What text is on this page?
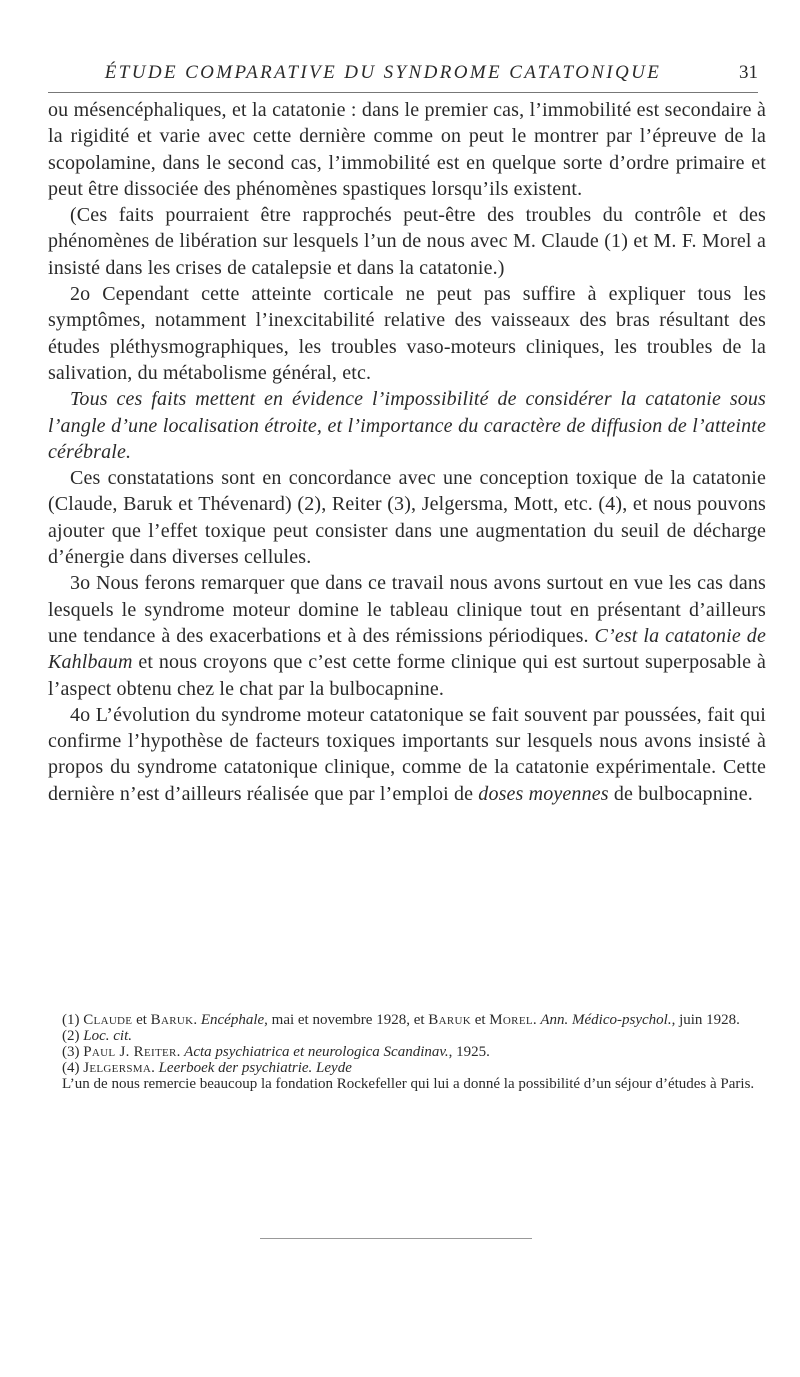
ÉTUDE COMPARATIVE DU SYNDROME CATATONIQUE	31

ou mésencéphaliques, et la catatonie : dans le premier cas, l’immobilité est secondaire à la rigidité et varie avec cette dernière comme on peut le montrer par l’épreuve de la scopolamine, dans le second cas, l’immobilité est en quelque sorte d’ordre primaire et peut être dissociée des phénomènes spastiques lorsqu’ils existent.

(Ces faits pourraient être rapprochés peut-être des troubles du contrôle et des phénomènes de libération sur lesquels l’un de nous avec M. Claude (1) et M. F. Morel a insisté dans les crises de catalepsie et dans la catatonie.)

2o Cependant cette atteinte corticale ne peut pas suffire à expliquer tous les symptômes, notamment l’inexcitabilité relative des vaisseaux des bras résultant des études pléthysmographiques, les troubles vaso-moteurs cliniques, les troubles de la salivation, du métabolisme général, etc.

Tous ces faits mettent en évidence l’impossibilité de considérer la catatonie sous l’angle d’une localisation étroite, et l’importance du caractère de diffusion de l’atteinte cérébrale.

Ces constatations sont en concordance avec une conception toxique de la catatonie (Claude, Baruk et Thévenard) (2), Reiter (3), Jelgersma, Mott, etc. (4), et nous pouvons ajouter que l’effet toxique peut consister dans une augmentation du seuil de décharge d’énergie dans diverses cellules.

3o Nous ferons remarquer que dans ce travail nous avons surtout en vue les cas dans lesquels le syndrome moteur domine le tableau clinique tout en présentant d’ailleurs une tendance à des exacerbations et à des rémissions périodiques. C’est la catatonie de Kahlbaum et nous croyons que c’est cette forme clinique qui est surtout superposable à l’aspect obtenu chez le chat par la bulbocapnine.

4o L’évolution du syndrome moteur catatonique se fait souvent par poussées, fait qui confirme l’hypothèse de facteurs toxiques importants sur lesquels nous avons insisté à propos du syndrome catatonique clinique, comme de la catatonie expérimentale. Cette dernière n’est d’ailleurs réalisée que par l’emploi de doses moyennes de bulbocapnine.

(1) Claude et Baruk. Encéphale, mai et novembre 1928, et Baruk et Morel. Ann. Médico-psychol., juin 1928.

(2) Loc. cit.

(3) Paul J. Reiter. Acta psychiatrica et neurologica Scandinav., 1925.

(4) Jelgersma. Leerboek der psychiatrie. Leyde

L’un de nous remercie beaucoup la fondation Rockefeller qui lui a donné la possibilité d’un séjour d’études à Paris.
